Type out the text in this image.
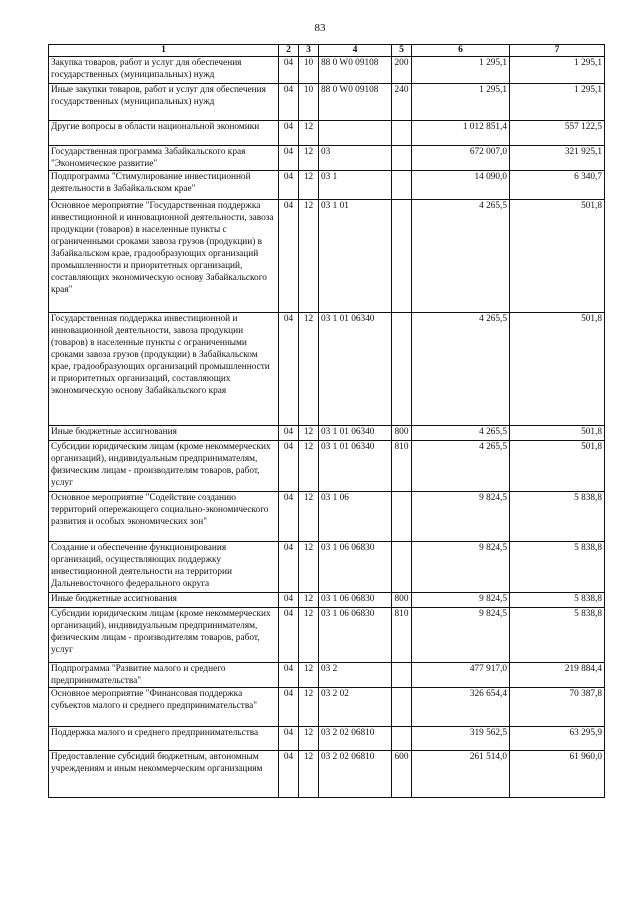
83
1	2	3	4	5	6	7
Закупка товаров, работ и услуг для обеспечения государственных (муниципальных) нужд	04	10	88 0 W0 09108	200	1 295,1	1 295,1
Иные закупки товаров, работ и услуг для обеспечения государственных (муниципальных) нужд	04	10	88 0 W0 09108	240	1 295,1	1 295,1
Другие вопросы в области национальной экономики	04	12			1 012 851,4	557 122,5
Государственная программа Забайкальского края "Экономическое развитие"	04	12	03		672 007,0	321 925,1
Подпрограмма "Стимулирование инвестиционной деятельности в Забайкальском крае"	04	12	03 1		14 090,0	6 340,7
Основное мероприятие "Государственная поддержка инвестиционной и инновационной деятельности, завоза продукции (товаров) в населенные пункты с ограниченными сроками завоза грузов (продукции) в Забайкальском крае, градообразующих организаций промышленности и приоритетных организаций, составляющих экономическую основу Забайкальского края"	04	12	03 1 01		4 265,5	501,8
Государственная поддержка инвестиционной и инновационной деятельности, завоза продукции (товаров) в населенные пункты с ограниченными сроками завоза грузов (продукции) в Забайкальском крае, градообразующих организаций промышленности и приоритетных организаций, составляющих экономическую основу Забайкальского края	04	12	03 1 01 06340		4 265,5	501,8
Иные бюджетные ассигнования	04	12	03 1 01 06340	800	4 265,5	501,8
Субсидии юридическим лицам (кроме некоммерческих организаций), индивидуальным предпринимателям, физическим лицам - производителям товаров, работ, услуг	04	12	03 1 01 06340	810	4 265,5	501,8
Основное мероприятие "Содействие созданию территорий опережающего социально-экономического развития и особых экономических зон"	04	12	03 1 06		9 824,5	5 838,8
Создание и обеспечение функционирования организаций, осуществляющих поддержку инвестиционной деятельности на территории Дальневосточного федерального округа	04	12	03 1 06 06830		9 824,5	5 838,8
Иные бюджетные ассигнования	04	12	03 1 06 06830	800	9 824,5	5 838,8
Субсидии юридическим лицам (кроме некоммерческих организаций), индивидуальным предпринимателям, физическим лицам - производителям товаров, работ, услуг	04	12	03 1 06 06830	810	9 824,5	5 838,8
Подпрограмма "Развитие малого и среднего предпринимательства"	04	12	03 2		477 917,0	219 884,4
Основное мероприятие "Финансовая поддержка субъектов малого и среднего предпринимательства"	04	12	03 2 02		326 654,4	70 387,8
Поддержка малого и среднего предпринимательства	04	12	03 2 02 06810		319 562,5	63 295,9
Предоставление субсидий бюджетным, автономным учреждениям и иным некоммерческим организациям	04	12	03 2 02 06810	600	261 514,0	61 960,0
